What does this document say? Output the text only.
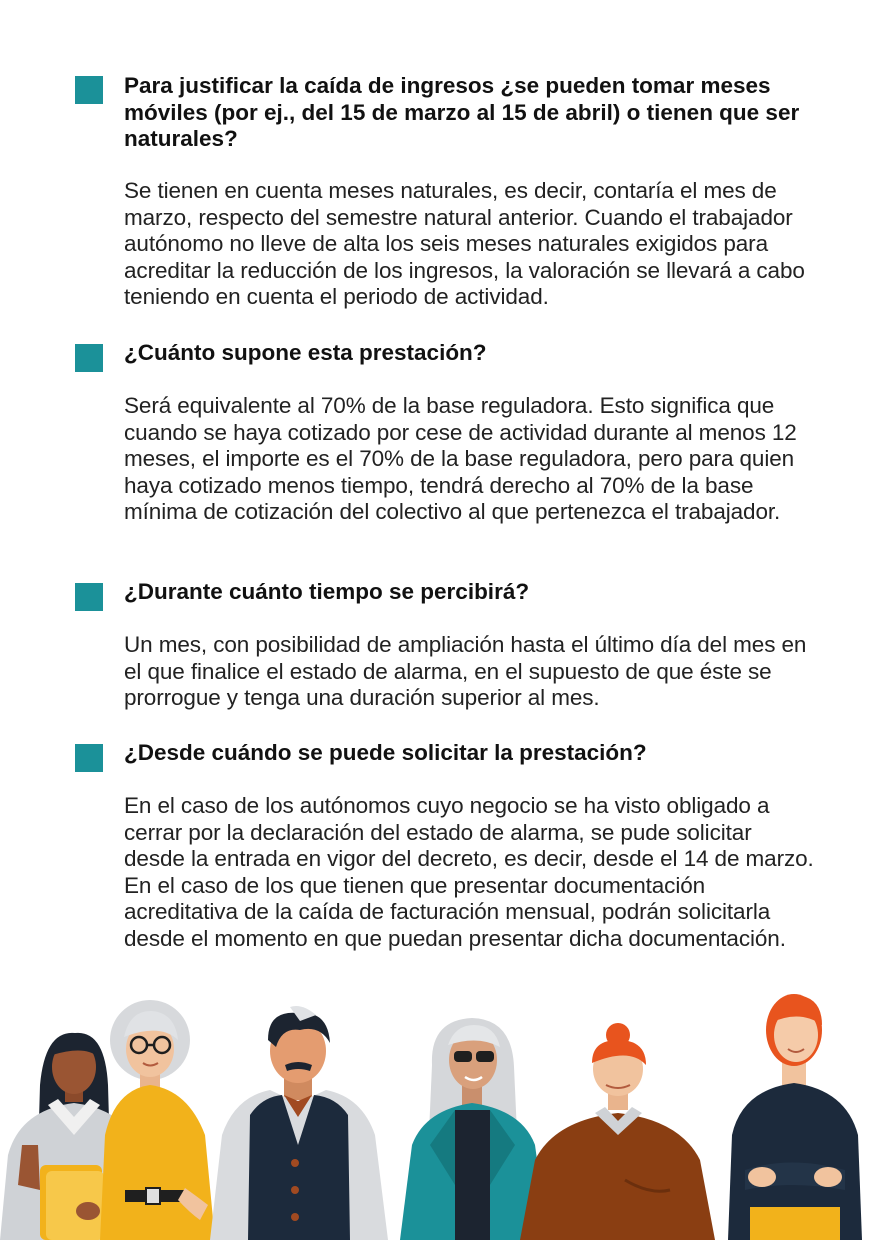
Para justificar la caída de ingresos ¿se pueden tomar meses móviles (por ej., del 15 de marzo al 15 de abril) o tienen que ser naturales?

Se tienen en cuenta meses naturales, es decir, contaría el mes de marzo, respecto del semestre natural anterior. Cuando el trabajador autónomo no lleve de alta los seis meses naturales exigidos para acreditar la reducción de los ingresos, la valoración se llevará a cabo teniendo en cuenta el periodo de actividad.

¿Cuánto supone esta prestación?

Será equivalente al 70% de la base reguladora. Esto significa que cuando se haya cotizado por cese de actividad durante al menos 12 meses, el importe es el 70% de la base reguladora, pero para quien haya cotizado menos tiempo, tendrá derecho al 70% de la base mínima de cotización del colectivo al que pertenezca el trabajador.

¿Durante cuánto tiempo se percibirá?

Un mes, con posibilidad de ampliación hasta el último día del mes en el que finalice el estado de alarma, en el supuesto de que éste se prorrogue y tenga una duración superior al mes.

¿Desde cuándo se puede solicitar la prestación?

En el caso de los autónomos cuyo negocio se ha visto obligado a cerrar por la declaración del estado de alarma, se pude solicitar desde la entrada en vigor del decreto, es decir, desde el 14 de marzo. En el caso de los que tienen que presentar documentación acreditativa de la caída de facturación mensual, podrán solicitarla desde el momento en que puedan presentar dicha documentación.
